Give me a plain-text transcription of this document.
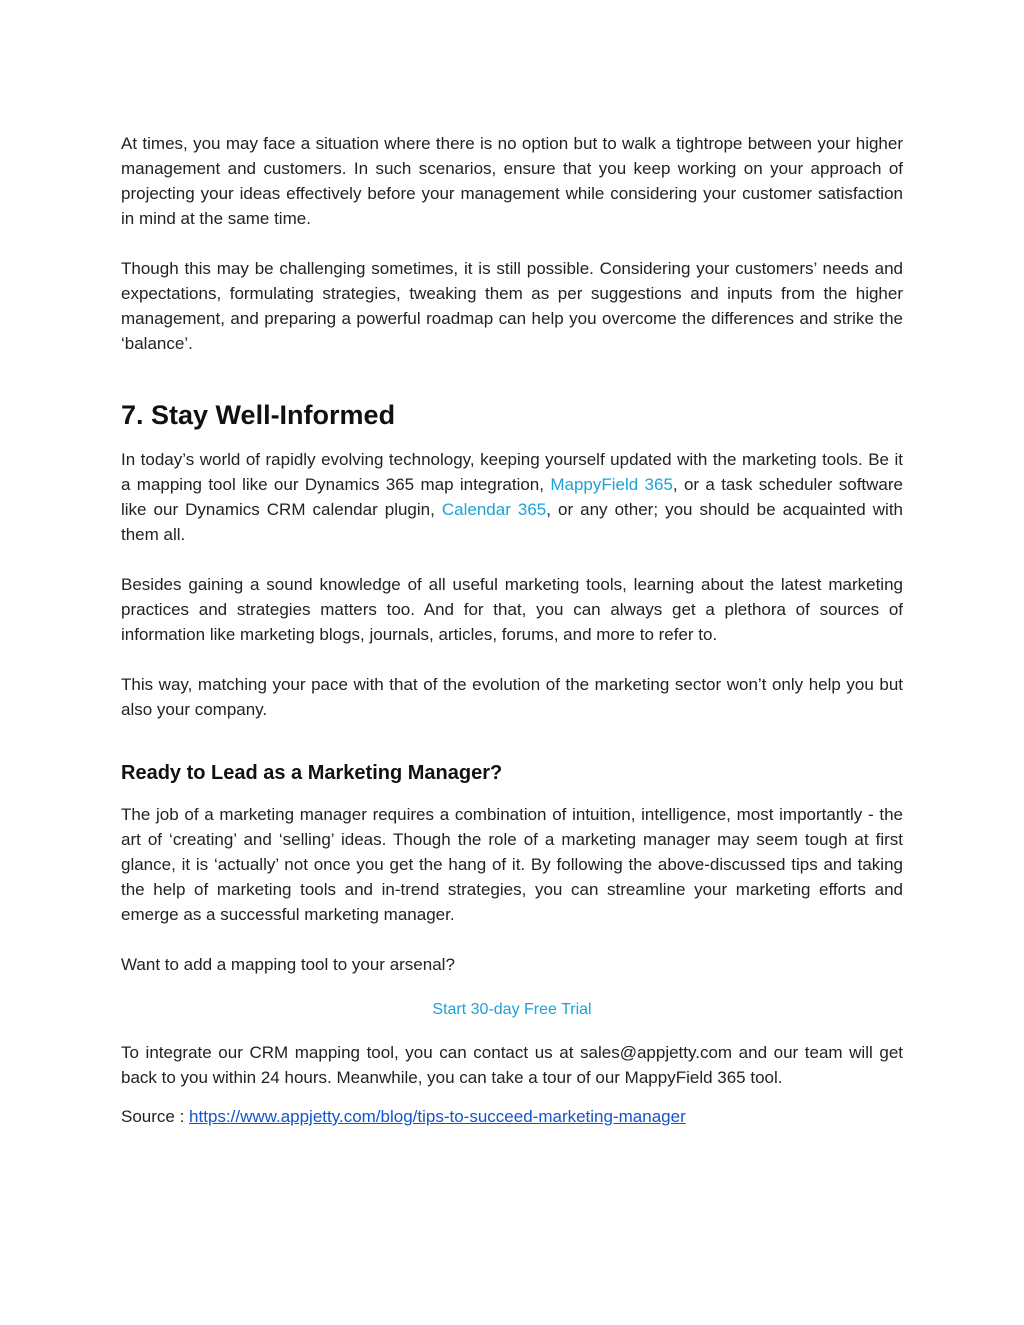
At times, you may face a situation where there is no option but to walk a tightrope between your higher management and customers. In such scenarios, ensure that you keep working on your approach of projecting your ideas effectively before your management while considering your customer satisfaction in mind at the same time.

Though this may be challenging sometimes, it is still possible. Considering your customers’ needs and expectations, formulating strategies, tweaking them as per suggestions and inputs from the higher management, and preparing a powerful roadmap can help you overcome the differences and strike the ‘balance’.

7. Stay Well-Informed

In today’s world of rapidly evolving technology, keeping yourself updated with the marketing tools. Be it a mapping tool like our Dynamics 365 map integration, MappyField 365, or a task scheduler software like our Dynamics CRM calendar plugin, Calendar 365, or any other; you should be acquainted with them all.

Besides gaining a sound knowledge of all useful marketing tools, learning about the latest marketing practices and strategies matters too. And for that, you can always get a plethora of sources of information like marketing blogs, journals, articles, forums, and more to refer to.

This way, matching your pace with that of the evolution of the marketing sector won’t only help you but also your company.

Ready to Lead as a Marketing Manager?

The job of a marketing manager requires a combination of intuition, intelligence, most importantly - the art of ‘creating’ and ‘selling’ ideas. Though the role of a marketing manager may seem tough at first glance, it is ‘actually’ not once you get the hang of it. By following the above-discussed tips and taking the help of marketing tools and in-trend strategies, you can streamline your marketing efforts and emerge as a successful marketing manager.

Want to add a mapping tool to your arsenal?

Start 30-day Free Trial

To integrate our CRM mapping tool, you can contact us at sales@appjetty.com and our team will get back to you within 24 hours. Meanwhile, you can take a tour of our MappyField 365 tool.

Source : https://www.appjetty.com/blog/tips-to-succeed-marketing-manager
